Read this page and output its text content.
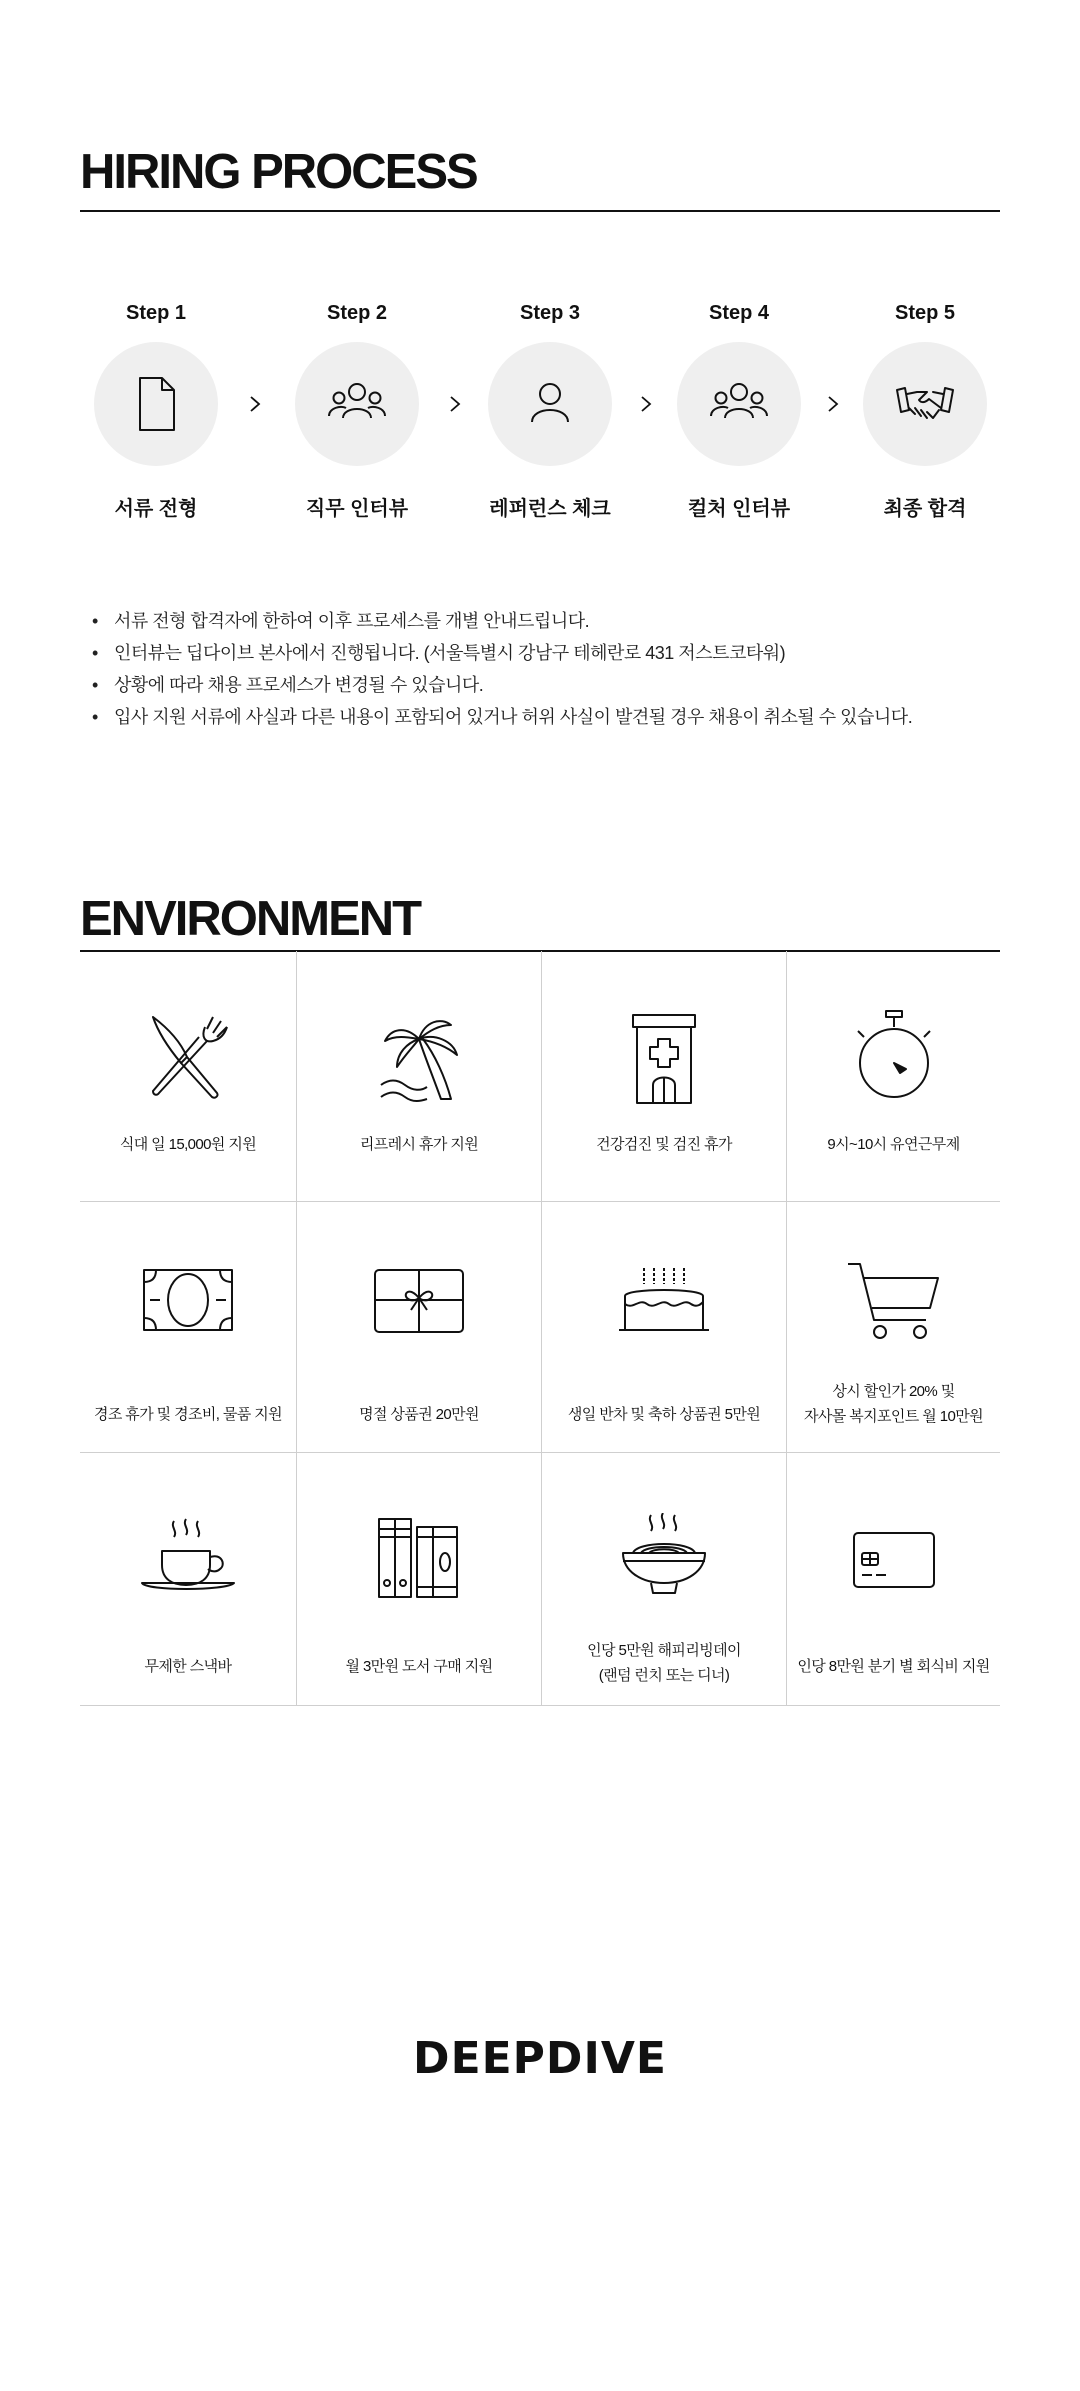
HIRING PROCESS
Step 1
서류 전형
Step 2
직무 인터뷰
Step 3
레퍼런스 체크
Step 4
컬처 인터뷰
Step 5
최종 합격
• 서류 전형 합격자에 한하여 이후 프로세스를 개별 안내드립니다.
• 인터뷰는 딥다이브 본사에서 진행됩니다. (서울특별시 강남구 테헤란로 431 저스트코타워)
• 상황에 따라 채용 프로세스가 변경될 수 있습니다.
• 입사 지원 서류에 사실과 다른 내용이 포함되어 있거나 허위 사실이 발견될 경우 채용이 취소될 수 있습니다.
ENVIRONMENT
식대 일 15,000원 지원	리프레시 휴가 지원	건강검진 및 검진 휴가	9시~10시 유연근무제
경조 휴가 및 경조비, 물품 지원	명절 상품권 20만원	생일 반차 및 축하 상품권 5만원
상시 할인가 20% 및
자사몰 복지포인트 월 10만원
무제한 스낵바	월 3만원 도서 구매 지원
인당 5만원 해피리빙데이
(랜덤 런치 또는 디너)
인당 8만원 분기 별 회식비 지원
DEEPDIVE
